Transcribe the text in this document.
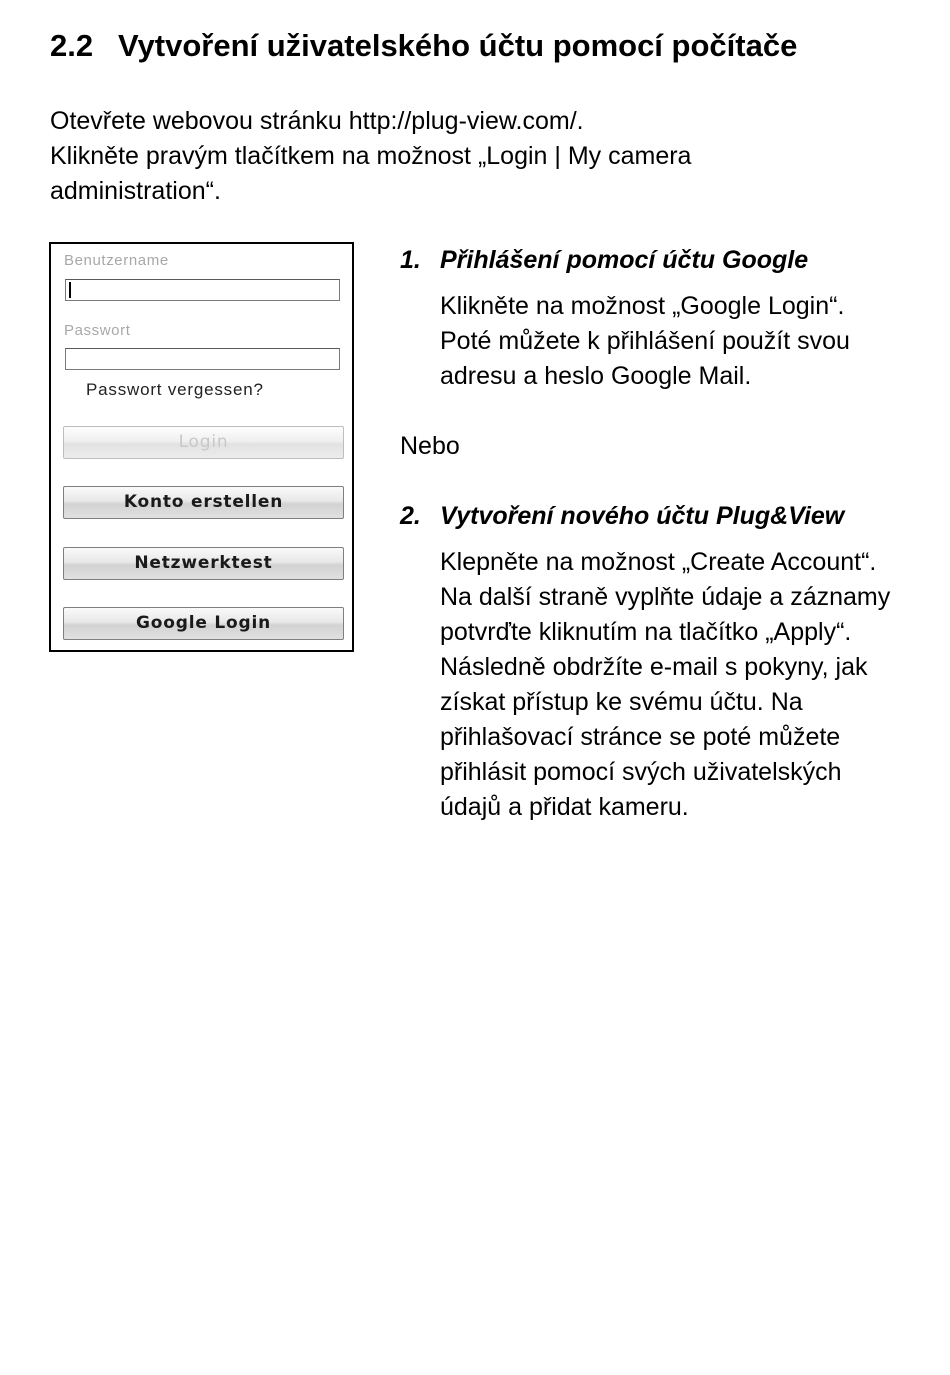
2.2 Vytvoření uživatelského účtu pomocí počítače

Otevřete webovou stránku http://plug-view.com/.

Klikněte pravým tlačítkem na možnost „Login | My camera administration“.

Benutzername
Passwort
Passwort vergessen?
Login
Konto erstellen
Netzwerktest
Google Login

1. Přihlášení pomocí účtu Google

Klikněte na možnost „Google Login“.
Poté můžete k přihlášení použít svou
adresu a heslo Google Mail.

Nebo

2. Vytvoření nového účtu Plug&View

Klepněte na možnost „Create Account“.
Na další straně vyplňte údaje a záznamy
potvrďte kliknutím na tlačítko „Apply“.
Následně obdržíte e-mail s pokyny, jak
získat přístup ke svému účtu. Na
přihlašovací stránce se poté můžete
přihlásit pomocí svých uživatelských
údajů a přidat kameru.
